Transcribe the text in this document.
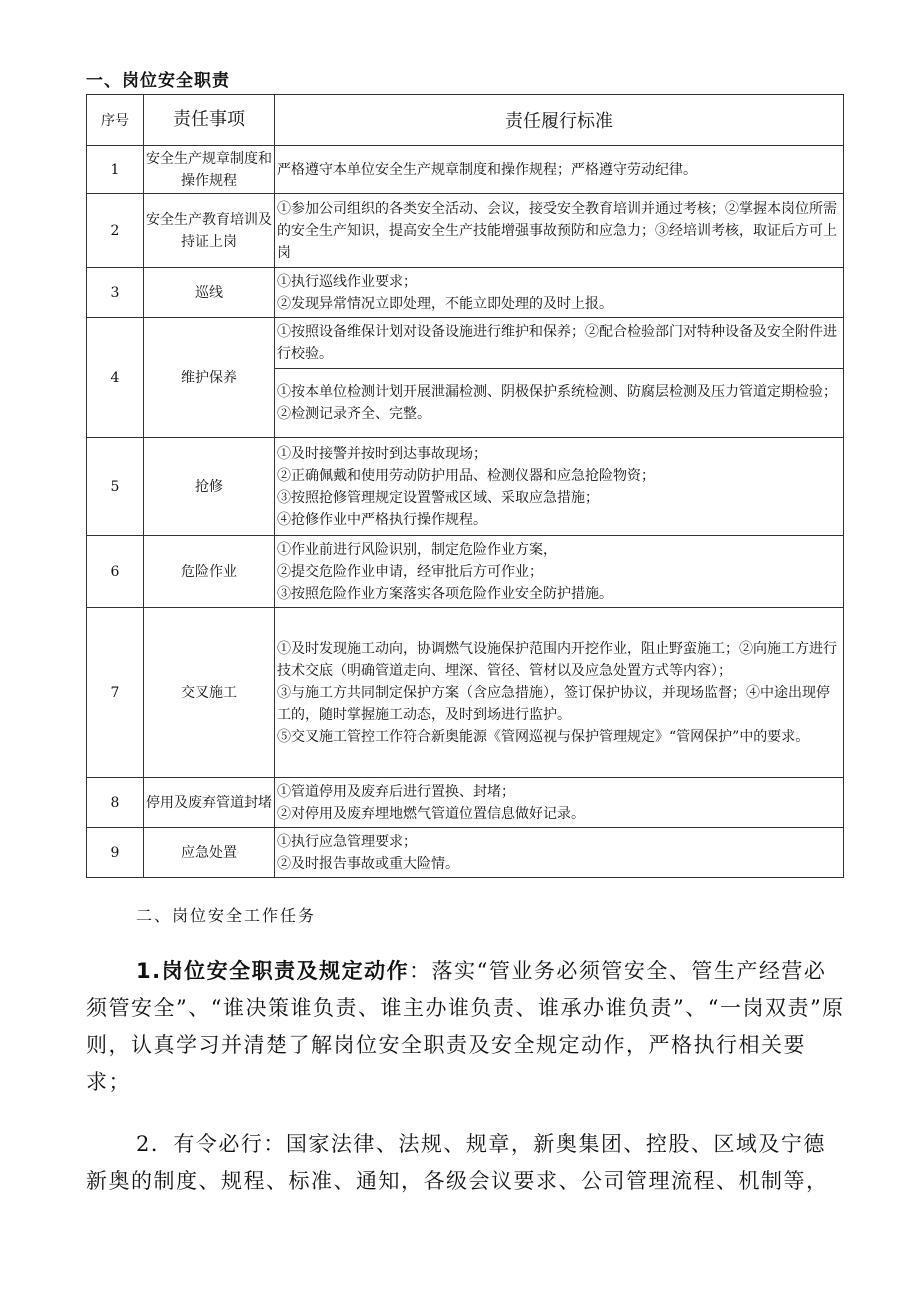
一、岗位安全职责
序号	责任事项	责任履行标准
1	安全生产规章制度和操作规程	
严格遵守本单位安全生产规章制度和操作规程；严格遵守劳动纪律。

2	安全生产教育培训及持证上岗	
①参加公司组织的各类安全活动、会议，接受安全教育培训并通过考核；②掌握本岗位所需的安全生产知识，提高安全生产技能增强事故预防和应急力；③经培训考核，取证后方可上岗

3	巡线	
①执行巡线作业要求；
②发现异常情况立即处理，不能立即处理的及时上报。

4	维护保养	
①按照设备维保计划对设备设施进行维护和保养；②配合检验部门对特种设备及安全附件进行校验。

①按本单位检测计划开展泄漏检测、阴极保护系统检测、防腐层检测及压力管道定期检验；
②检测记录齐全、完整。

5	抢修	
①及时接警并按时到达事故现场；
②正确佩戴和使用劳动防护用品、检测仪器和应急抢险物资；
③按照抢修管理规定设置警戒区域、采取应急措施；
④抢修作业中严格执行操作规程。

6	危险作业	
①作业前进行风险识别，制定危险作业方案，
②提交危险作业申请，经审批后方可作业；
③按照危险作业方案落实各项危险作业安全防护措施。

7	交叉施工	
①及时发现施工动向，协调燃气设施保护范围内开挖作业，阻止野蛮施工；②向施工方进行技术交底（明确管道走向、埋深、管径、管材以及应急处置方式等内容）；
③与施工方共同制定保护方案（含应急措施），签订保护协议，并现场监督；④中途出现停工的，随时掌握施工动态，及时到场进行监护。
⑤交叉施工管控工作符合新奥能源《管网巡视与保护管理规定》“管网保护”中的要求。

8	停用及废弃管道封堵	
①管道停用及废弃后进行置换、封堵；
②对停用及废弃埋地燃气管道位置信息做好记录。

9	应急处置	
①执行应急管理要求；
②及时报告事故或重大险情。
二、岗位安全工作任务
1.岗位安全职责及规定动作：落实“管业务必须管安全、管生产经营必须管安全”、“谁决策谁负责、谁主办谁负责、谁承办谁负责”、“一岗双责”原则，认真学习并清楚了解岗位安全职责及安全规定动作，严格执行相关要求；
2．有令必行：国家法律、法规、规章，新奥集团、控股、区域及宁德新奥的制度、规程、标准、通知，各级会议要求、公司管理流程、机制等，
